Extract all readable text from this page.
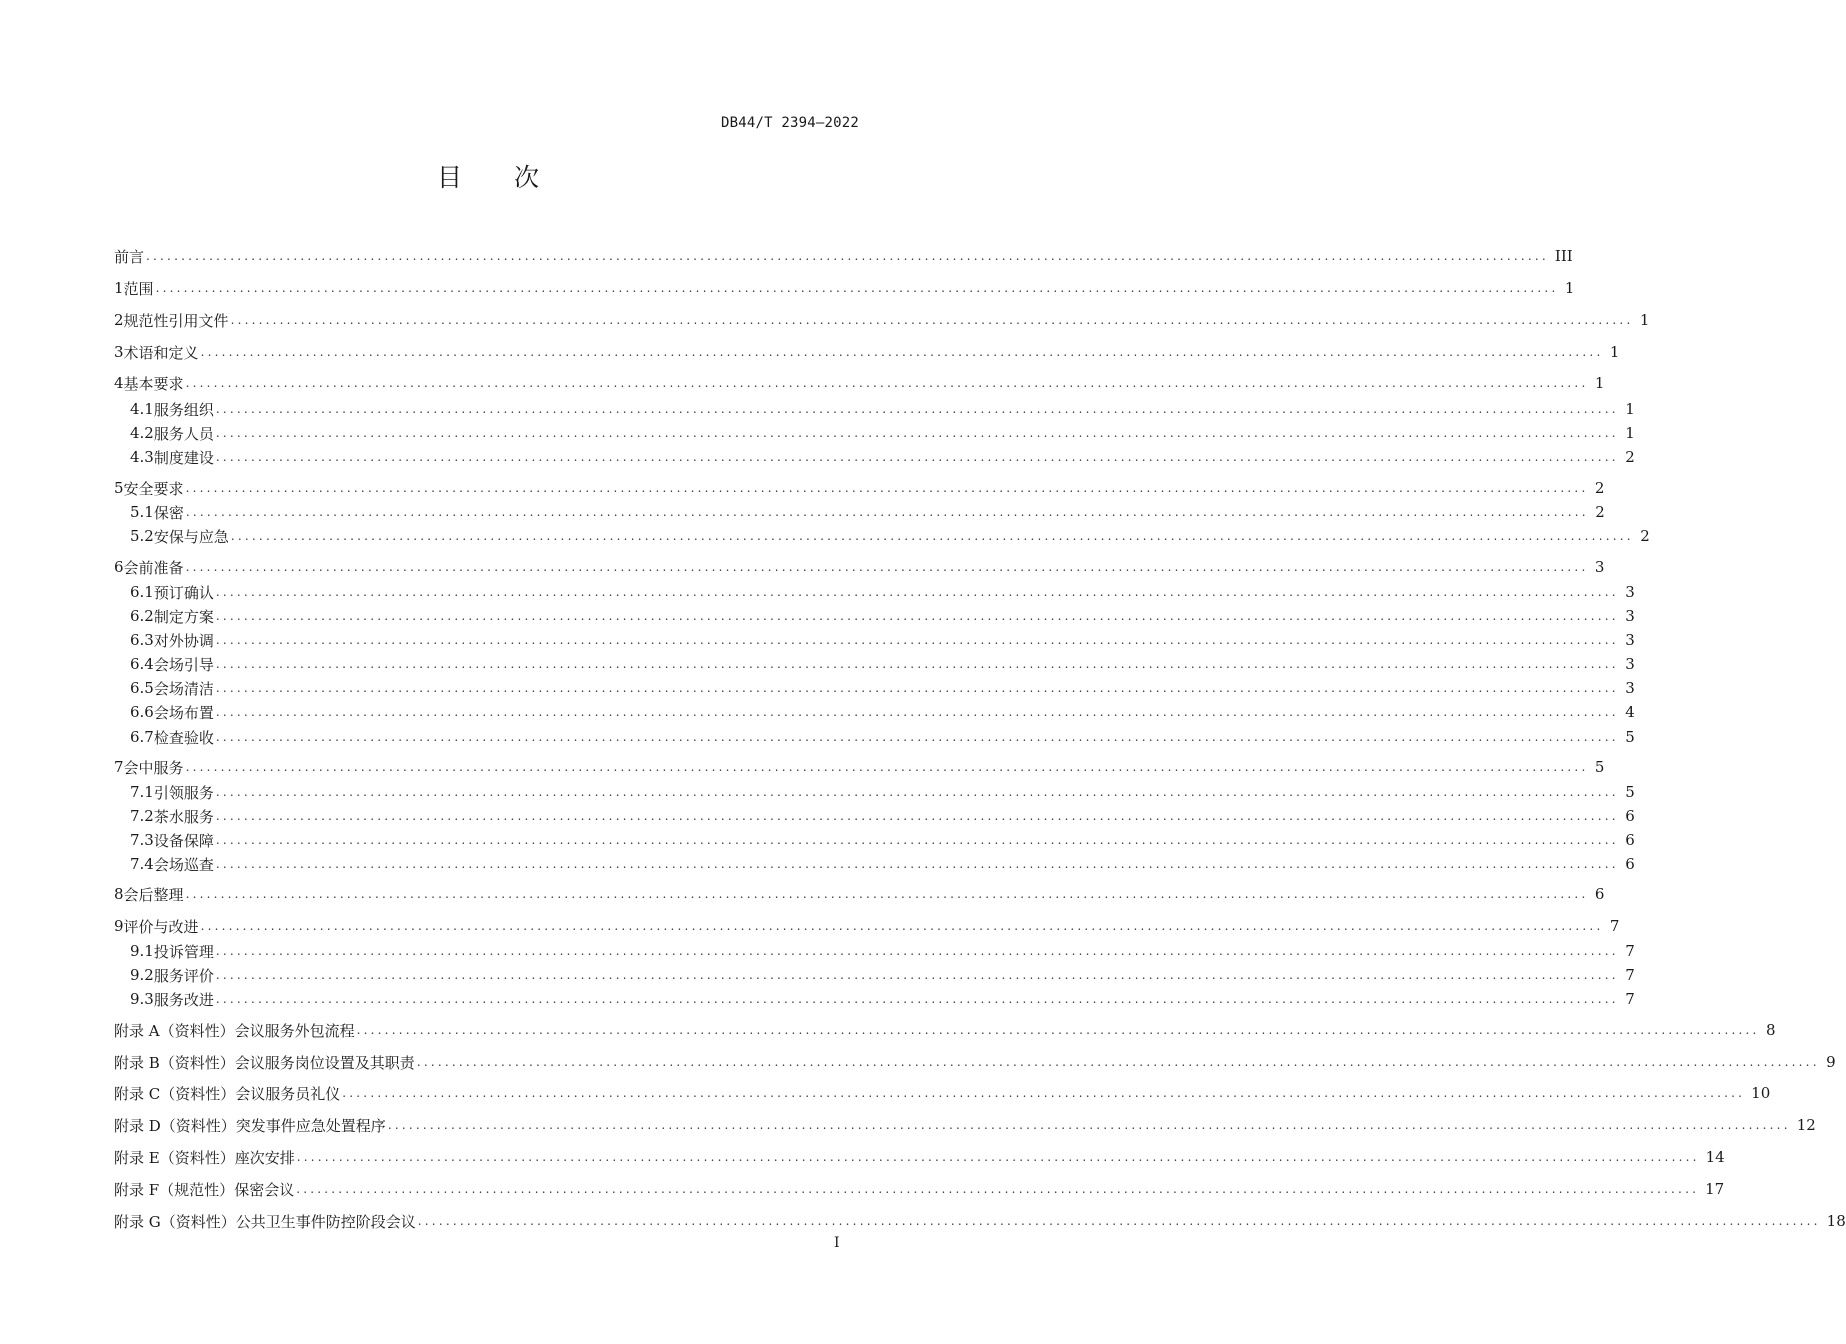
DB44/T 2394—2022
目 次
前言 ........................................................................................................................................................................................................ III
1 范围 ........................................................................................................................................................................................................ 1
2 规范性引用文件 ........................................................................................................................................................................................................ 1
3 术语和定义 ........................................................................................................................................................................................................ 1
4 基本要求 ........................................................................................................................................................................................................ 1
4.1 服务组织 ........................................................................................................................................................................................................ 1
4.2 服务人员 ........................................................................................................................................................................................................ 1
4.3 制度建设 ........................................................................................................................................................................................................ 2
5 安全要求 ........................................................................................................................................................................................................ 2
5.1 保密 ........................................................................................................................................................................................................ 2
5.2 安保与应急 ........................................................................................................................................................................................................ 2
6 会前准备 ........................................................................................................................................................................................................ 3
6.1 预订确认 ........................................................................................................................................................................................................ 3
6.2 制定方案 ........................................................................................................................................................................................................ 3
6.3 对外协调 ........................................................................................................................................................................................................ 3
6.4 会场引导 ........................................................................................................................................................................................................ 3
6.5 会场清洁 ........................................................................................................................................................................................................ 3
6.6 会场布置 ........................................................................................................................................................................................................ 4
6.7 检查验收 ........................................................................................................................................................................................................ 5
7 会中服务 ........................................................................................................................................................................................................ 5
7.1 引领服务 ........................................................................................................................................................................................................ 5
7.2 茶水服务 ........................................................................................................................................................................................................ 6
7.3 设备保障 ........................................................................................................................................................................................................ 6
7.4 会场巡查 ........................................................................................................................................................................................................ 6
8 会后整理 ........................................................................................................................................................................................................ 6
9 评价与改进 ........................................................................................................................................................................................................ 7
9.1 投诉管理 ........................................................................................................................................................................................................ 7
9.2 服务评价 ........................................................................................................................................................................................................ 7
9.3 服务改进 ........................................................................................................................................................................................................ 7
附录 A（资料性） 会议服务外包流程 ........................................................................................................................................................................................................ 8
附录 B（资料性） 会议服务岗位设置及其职责 ........................................................................................................................................................................................................ 9
附录 C（资料性） 会议服务员礼仪 ........................................................................................................................................................................................................ 10
附录 D（资料性） 突发事件应急处置程序 ........................................................................................................................................................................................................ 12
附录 E（资料性） 座次安排 ........................................................................................................................................................................................................ 14
附录 F（规范性） 保密会议 ........................................................................................................................................................................................................ 17
附录 G（资料性） 公共卫生事件防控阶段会议 ........................................................................................................................................................................................................ 18
I
